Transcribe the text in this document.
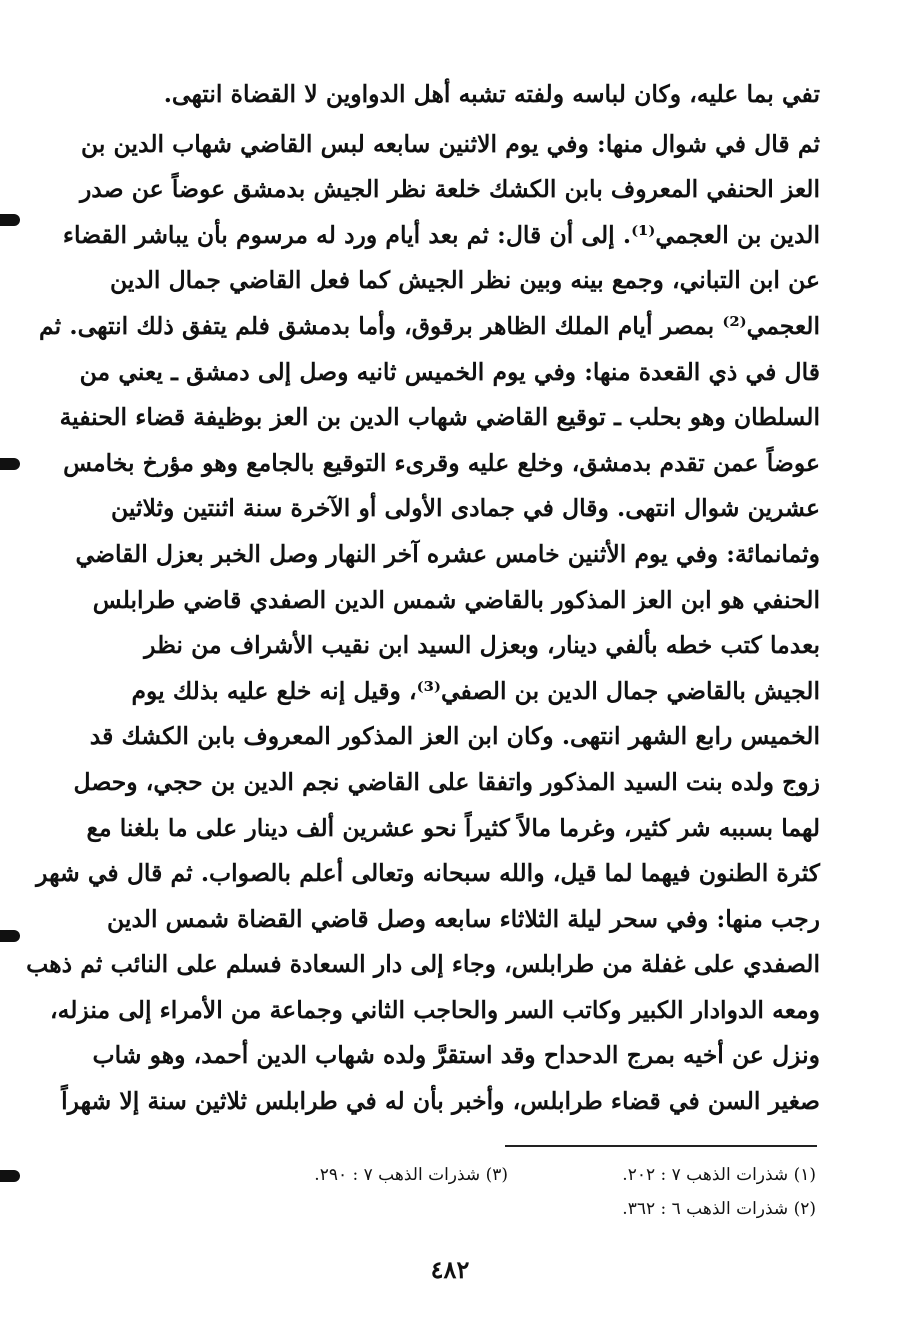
تفي بما عليه، وكان لباسه ولفته تشبه أهل الدواوين لا القضاة انتهى.
ثم قال في شوال منها: وفي يوم الاثنين سابعه لبس القاضي شهاب الدين بن
العز الحنفي المعروف بابن الكشك خلعة نظر الجيش بدمشق عوضاً عن صدر
الدين بن العجمي⁽¹⁾. إلى أن قال: ثم بعد أيام ورد له مرسوم بأن يباشر القضاء
عن ابن التباني، وجمع بينه وبين نظر الجيش كما فعل القاضي جمال الدين
العجمي⁽²⁾ بمصر أيام الملك الظاهر برقوق، وأما بدمشق فلم يتفق ذلك انتهى. ثم
قال في ذي القعدة منها: وفي يوم الخميس ثانيه وصل إلى دمشق ـ يعني من
السلطان وهو بحلب ـ توقيع القاضي شهاب الدين بن العز بوظيفة قضاء الحنفية
عوضاً عمن تقدم بدمشق، وخلع عليه وقرىء التوقيع بالجامع وهو مؤرخ بخامس
عشرين شوال انتهى. وقال في جمادى الأولى أو الآخرة سنة اثنتين وثلاثين
وثمانمائة: وفي يوم الأثنين خامس عشره آخر النهار وصل الخبر بعزل القاضي
الحنفي هو ابن العز المذكور بالقاضي شمس الدين الصفدي قاضي طرابلس
بعدما كتب خطه بألفي دينار، وبعزل السيد ابن نقيب الأشراف من نظر
الجيش بالقاضي جمال الدين بن الصفي⁽³⁾، وقيل إنه خلع عليه بذلك يوم
الخميس رابع الشهر انتهى. وكان ابن العز المذكور المعروف بابن الكشك قد
زوج ولده بنت السيد المذكور واتفقا على القاضي نجم الدين بن حجي، وحصل
لهما بسببه شر كثير، وغرما مالاً كثيراً نحو عشرين ألف دينار على ما بلغنا مع
كثرة الطنون فيهما لما قيل، والله سبحانه وتعالى أعلم بالصواب. ثم قال في شهر
رجب منها: وفي سحر ليلة الثلاثاء سابعه وصل قاضي القضاة شمس الدين
الصفدي على غفلة من طرابلس، وجاء إلى دار السعادة فسلم على النائب ثم ذهب
ومعه الدوادار الكبير وكاتب السر والحاجب الثاني وجماعة من الأمراء إلى منزله،
ونزل عن أخيه بمرج الدحداح وقد استقرَّ ولده شهاب الدين أحمد، وهو شاب
صغير السن في قضاء طرابلس، وأخبر بأن له في طرابلس ثلاثين سنة إلا شهراً
(١) شذرات الذهب ٧ : ٢٠٢.
(٣) شذرات الذهب ٧ : ٢٩٠.
(٢) شذرات الذهب ٦ : ٣٦٢.
٤٨٢
